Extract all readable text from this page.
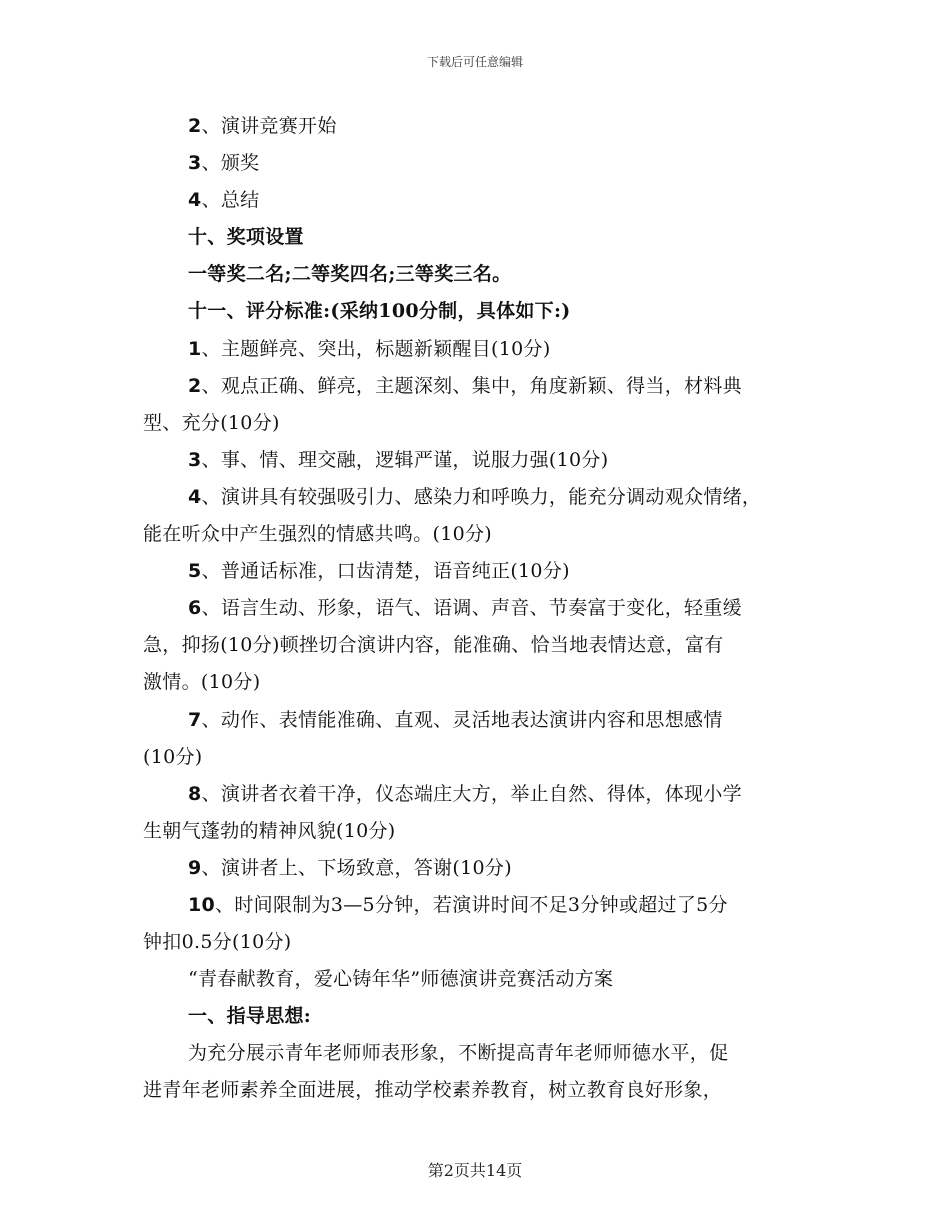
下载后可任意编辑

2、演讲竞赛开始

3、颁奖

4、总结

十、奖项设置

一等奖二名;二等奖四名;三等奖三名。

十一、评分标准:(采纳100分制，具体如下:)

1、主题鲜亮、突出，标题新颖醒目(10分)

2、观点正确、鲜亮，主题深刻、集中，角度新颖、得当，材料典

型、充分(10分)

3、事、情、理交融，逻辑严谨，说服力强(10分)

4、演讲具有较强吸引力、感染力和呼唤力，能充分调动观众情绪，

能在听众中产生强烈的情感共鸣。(10分)

5、普通话标准，口齿清楚，语音纯正(10分)

6、语言生动、形象，语气、语调、声音、节奏富于变化，轻重缓

急，抑扬(10分)顿挫切合演讲内容，能准确、恰当地表情达意，富有

激情。(10分)

7、动作、表情能准确、直观、灵活地表达演讲内容和思想感情

(10分)

8、演讲者衣着干净，仪态端庄大方，举止自然、得体，体现小学

生朝气蓬勃的精神风貌(10分)

9、演讲者上、下场致意，答谢(10分)

10、时间限制为3—5分钟，若演讲时间不足3分钟或超过了5分

钟扣0.5分(10分)

“青春献教育，爱心铸年华”师德演讲竞赛活动方案

一、指导思想:

为充分展示青年老师师表形象，不断提高青年老师师德水平，促

进青年老师素养全面进展，推动学校素养教育，树立教育良好形象，

第2页共14页
